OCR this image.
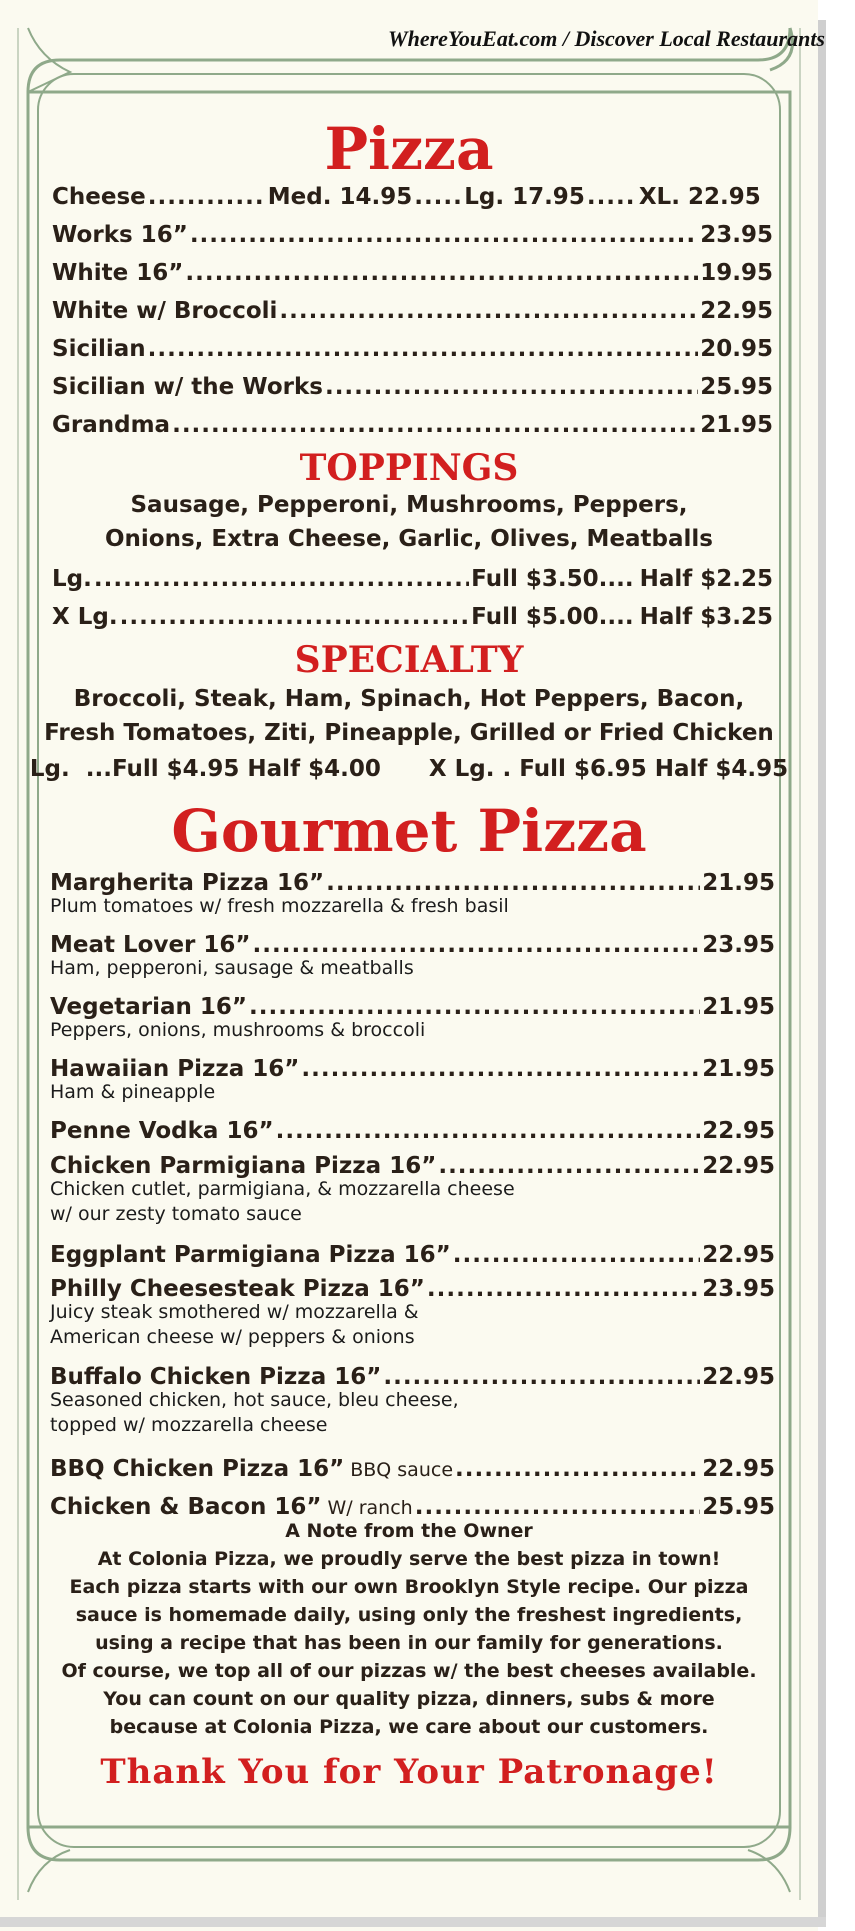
WhereYouEat.com / Discover Local Restaurants
Pizza
Cheese .....	Med. 14.95 ..... Lg. 17.95 ..... XL. 22.95
Works 16” .....	23.95
White 16” .....	19.95
White w/ Broccoli .....	22.95
Sicilian .....	20.95
Sicilian w/ the Works .....	25.95
Grandma .....	21.95
TOPPINGS
Sausage, Pepperoni, Mushrooms, Peppers,
Onions, Extra Cheese, Garlic, Olives, Meatballs
Lg. .....	Full $3.50.... Half $2.25
X Lg. .....	Full $5.00.... Half $3.25
SPECIALTY
Broccoli, Steak, Ham, Spinach, Hot Peppers, Bacon,
Fresh Tomatoes, Ziti, Pineapple, Grilled or Fried Chicken
Lg.  ...Full $4.95 Half $4.00      X Lg. . Full $6.95 Half $4.95
Gourmet Pizza
Margherita Pizza 16” .....	21.95
Plum tomatoes w/ fresh mozzarella & fresh basil
Meat Lover 16” .....	23.95
Ham, pepperoni, sausage & meatballs
Vegetarian 16” .....	21.95
Peppers, onions, mushrooms & broccoli
Hawaiian Pizza 16” .....	21.95
Ham & pineapple
Penne Vodka 16” .....	22.95
Chicken Parmigiana Pizza 16” .....	22.95
Chicken cutlet, parmigiana, & mozzarella cheese
w/ our zesty tomato sauce
Eggplant Parmigiana Pizza 16” .....	22.95
Philly Cheesesteak Pizza 16” .....	23.95
Juicy steak smothered w/ mozzarella &
American cheese w/ peppers & onions
Buffalo Chicken Pizza 16” .....	22.95
Seasoned chicken, hot sauce, bleu cheese,
topped w/ mozzarella cheese
BBQ Chicken Pizza 16” BBQ sauce .....	22.95
Chicken & Bacon 16” W/ ranch .....	25.95
A Note from the Owner
At Colonia Pizza, we proudly serve the best pizza in town!
Each pizza starts with our own Brooklyn Style recipe. Our pizza
sauce is homemade daily, using only the freshest ingredients,
using a recipe that has been in our family for generations.
Of course, we top all of our pizzas w/ the best cheeses available.
You can count on our quality pizza, dinners, subs & more
because at Colonia Pizza, we care about our customers.
Thank You for Your Patronage!
